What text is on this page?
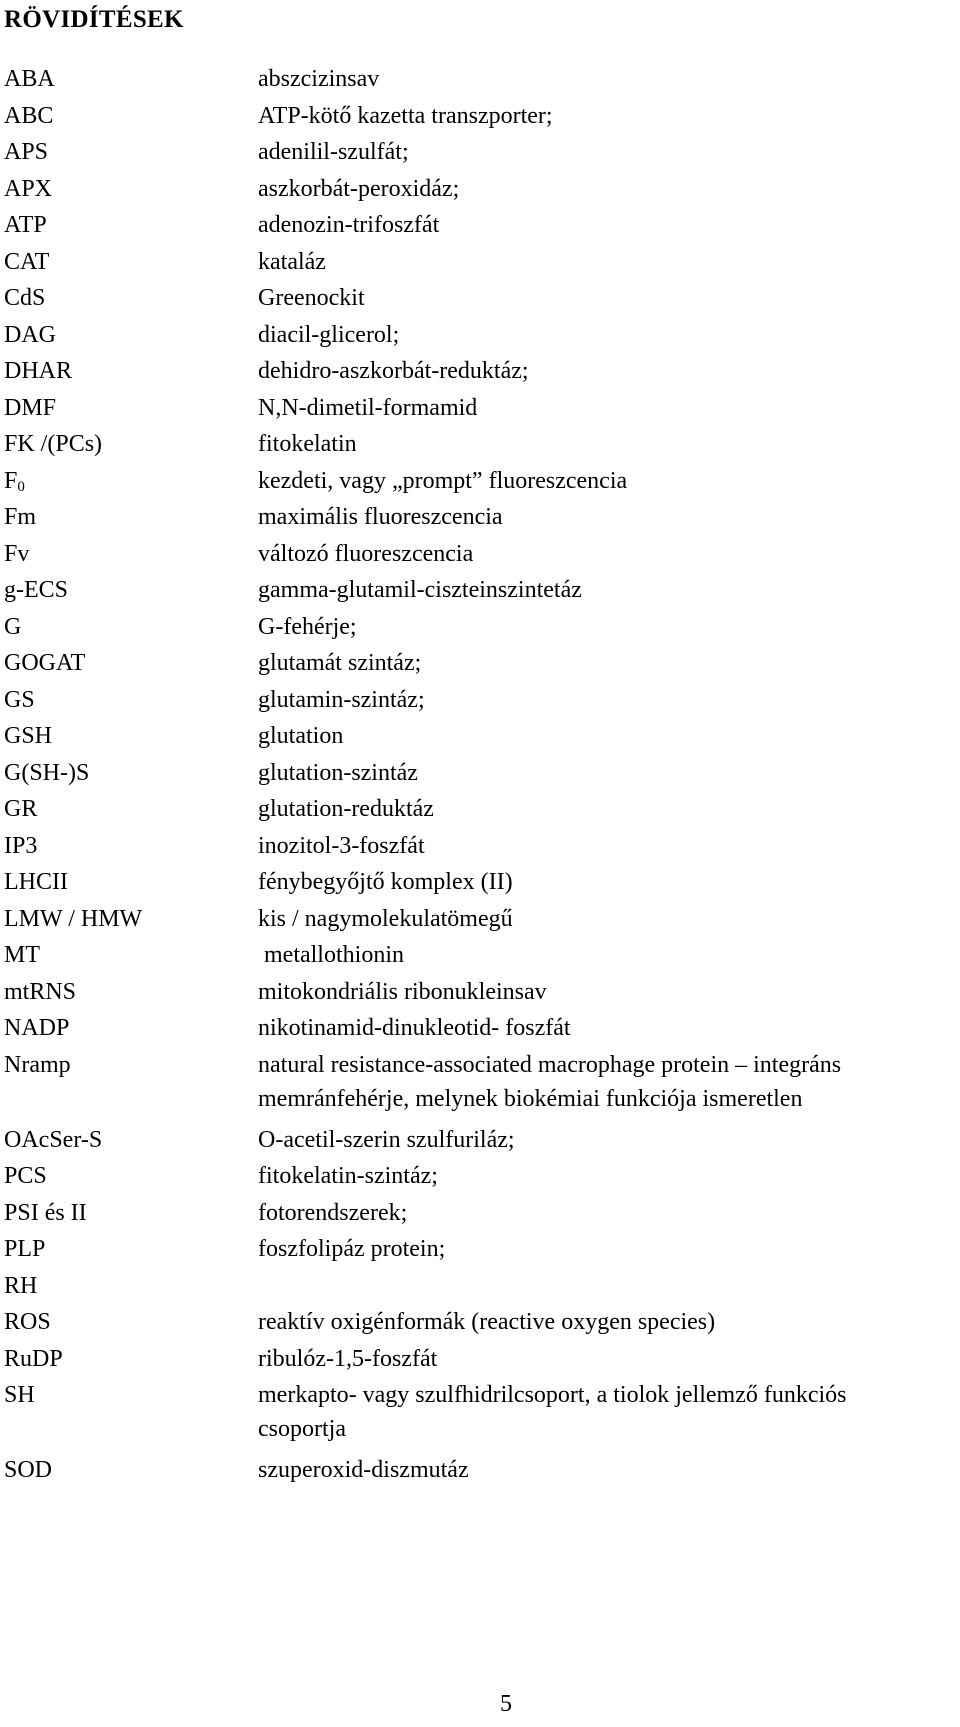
RÖVIDÍTÉSEK
ABA	abszcizinsav
ABC	ATP-kötő kazetta transzporter;
APS	adenilil-szulfát;
APX	aszkorbát-peroxidáz;
ATP	adenozin-trifoszfát
CAT	kataláz
CdS	Greenockit
DAG	diacil-glicerol;
DHAR	dehidro-aszkorbát-reduktáz;
DMF	N,N-dimetil-formamid
FK /(PCs)	fitokelatin
$F_0$	kezdeti, vagy „prompt” fluoreszcencia
Fm	maximális fluoreszcencia
Fv	változó fluoreszcencia
g-ECS	gamma-glutamil-ciszteinszintetáz
G	G-fehérje;
GOGAT	glutamát szintáz;
GS	glutamin-szintáz;
GSH	glutation
G(SH-)S	glutation-szintáz
GR	glutation-reduktáz
IP3	inozitol-3-foszfát
LHCII	fénybegyőjtő komplex (II)
LMW / HMW	kis / nagymolekulatömegű
MT	metallothionin
mtRNS	mitokondriális ribonukleinsav
NADP	nikotinamid-dinukleotid- foszfát
Nramp	natural resistance-associated macrophage protein – integráns
memránfehérje, melynek biokémiai funkciója ismeretlen
OAcSer-S	O-acetil-szerin szulfuriláz;
PCS	fitokelatin-szintáz;
PSI és II	fotorendszerek;
PLP	foszfolipáz protein;
RH
ROS	reaktív oxigénformák (reactive oxygen species)
RuDP	ribulóz-1,5-foszfát
SH	merkapto- vagy szulfhidrilcsoport, a tiolok jellemző funkciós
csoportja
SOD	szuperoxid-diszmutáz
5
